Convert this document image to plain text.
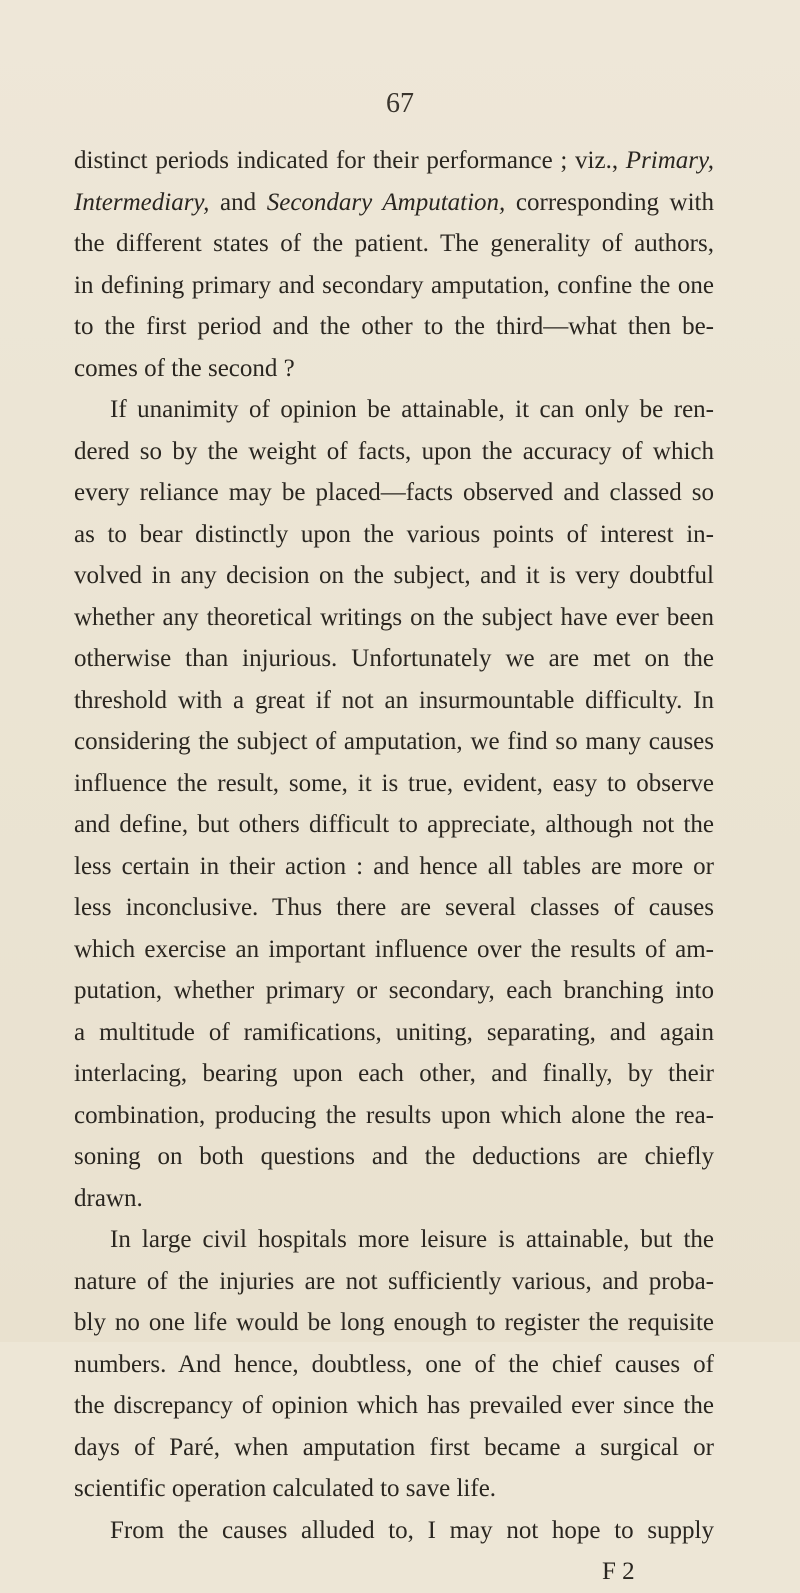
67
distinct periods indicated for their performance ; viz., Primary,
Intermediary, and Secondary Amputation, corresponding with
the different states of the patient. The generality of authors,
in defining primary and secondary amputation, confine the one
to the first period and the other to the third—what then be-
comes of the second ?
If unanimity of opinion be attainable, it can only be ren-
dered so by the weight of facts, upon the accuracy of which
every reliance may be placed—facts observed and classed so
as to bear distinctly upon the various points of interest in-
volved in any decision on the subject, and it is very doubtful
whether any theoretical writings on the subject have ever been
otherwise than injurious. Unfortunately we are met on the
threshold with a great if not an insurmountable difficulty. In
considering the subject of amputation, we find so many causes
influence the result, some, it is true, evident, easy to observe
and define, but others difficult to appreciate, although not the
less certain in their action : and hence all tables are more or
less inconclusive. Thus there are several classes of causes
which exercise an important influence over the results of am-
putation, whether primary or secondary, each branching into
a multitude of ramifications, uniting, separating, and again
interlacing, bearing upon each other, and finally, by their
combination, producing the results upon which alone the rea-
soning on both questions and the deductions are chiefly
drawn.
In large civil hospitals more leisure is attainable, but the
nature of the injuries are not sufficiently various, and proba-
bly no one life would be long enough to register the requisite
numbers. And hence, doubtless, one of the chief causes of
the discrepancy of opinion which has prevailed ever since the
days of Paré, when amputation first became a surgical or
scientific operation calculated to save life.
From the causes alluded to, I may not hope to supply
F 2
